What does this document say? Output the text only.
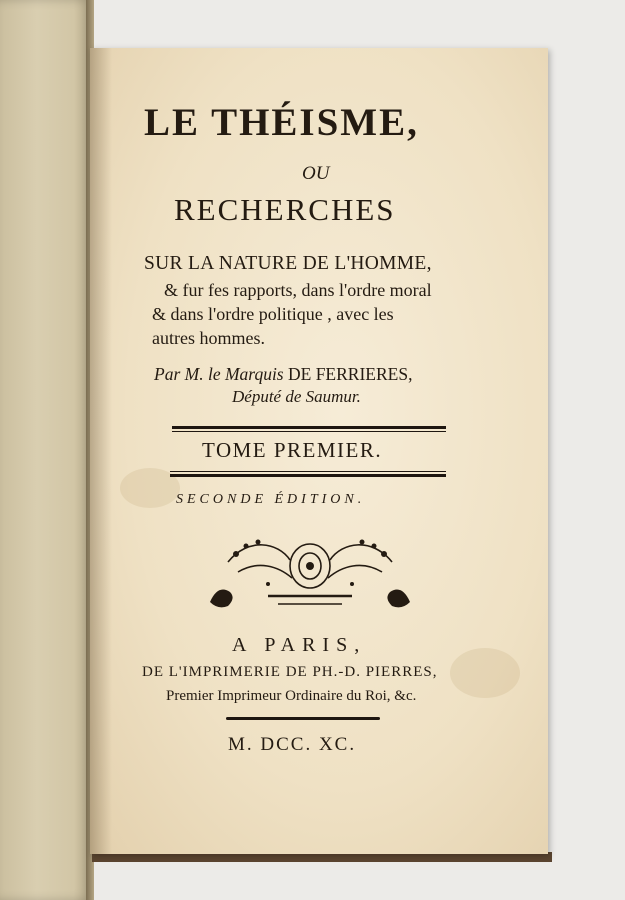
LE THÉISME,
OU
RECHERCHES
SUR LA NATURE DE L'HOMME,
& fur fes rapports, dans l'ordre moral
& dans l'ordre politique , avec les
autres hommes.
Par M. le Marquis DE FERRIERES,
Député de Saumur.
TOME PREMIER.
SECONDE ÉDITION.
A PARIS,
DE L'IMPRIMERIE DE PH.-D. PIERRES,
Premier Imprimeur Ordinaire du Roi, &c.
M. DCC. XC.
